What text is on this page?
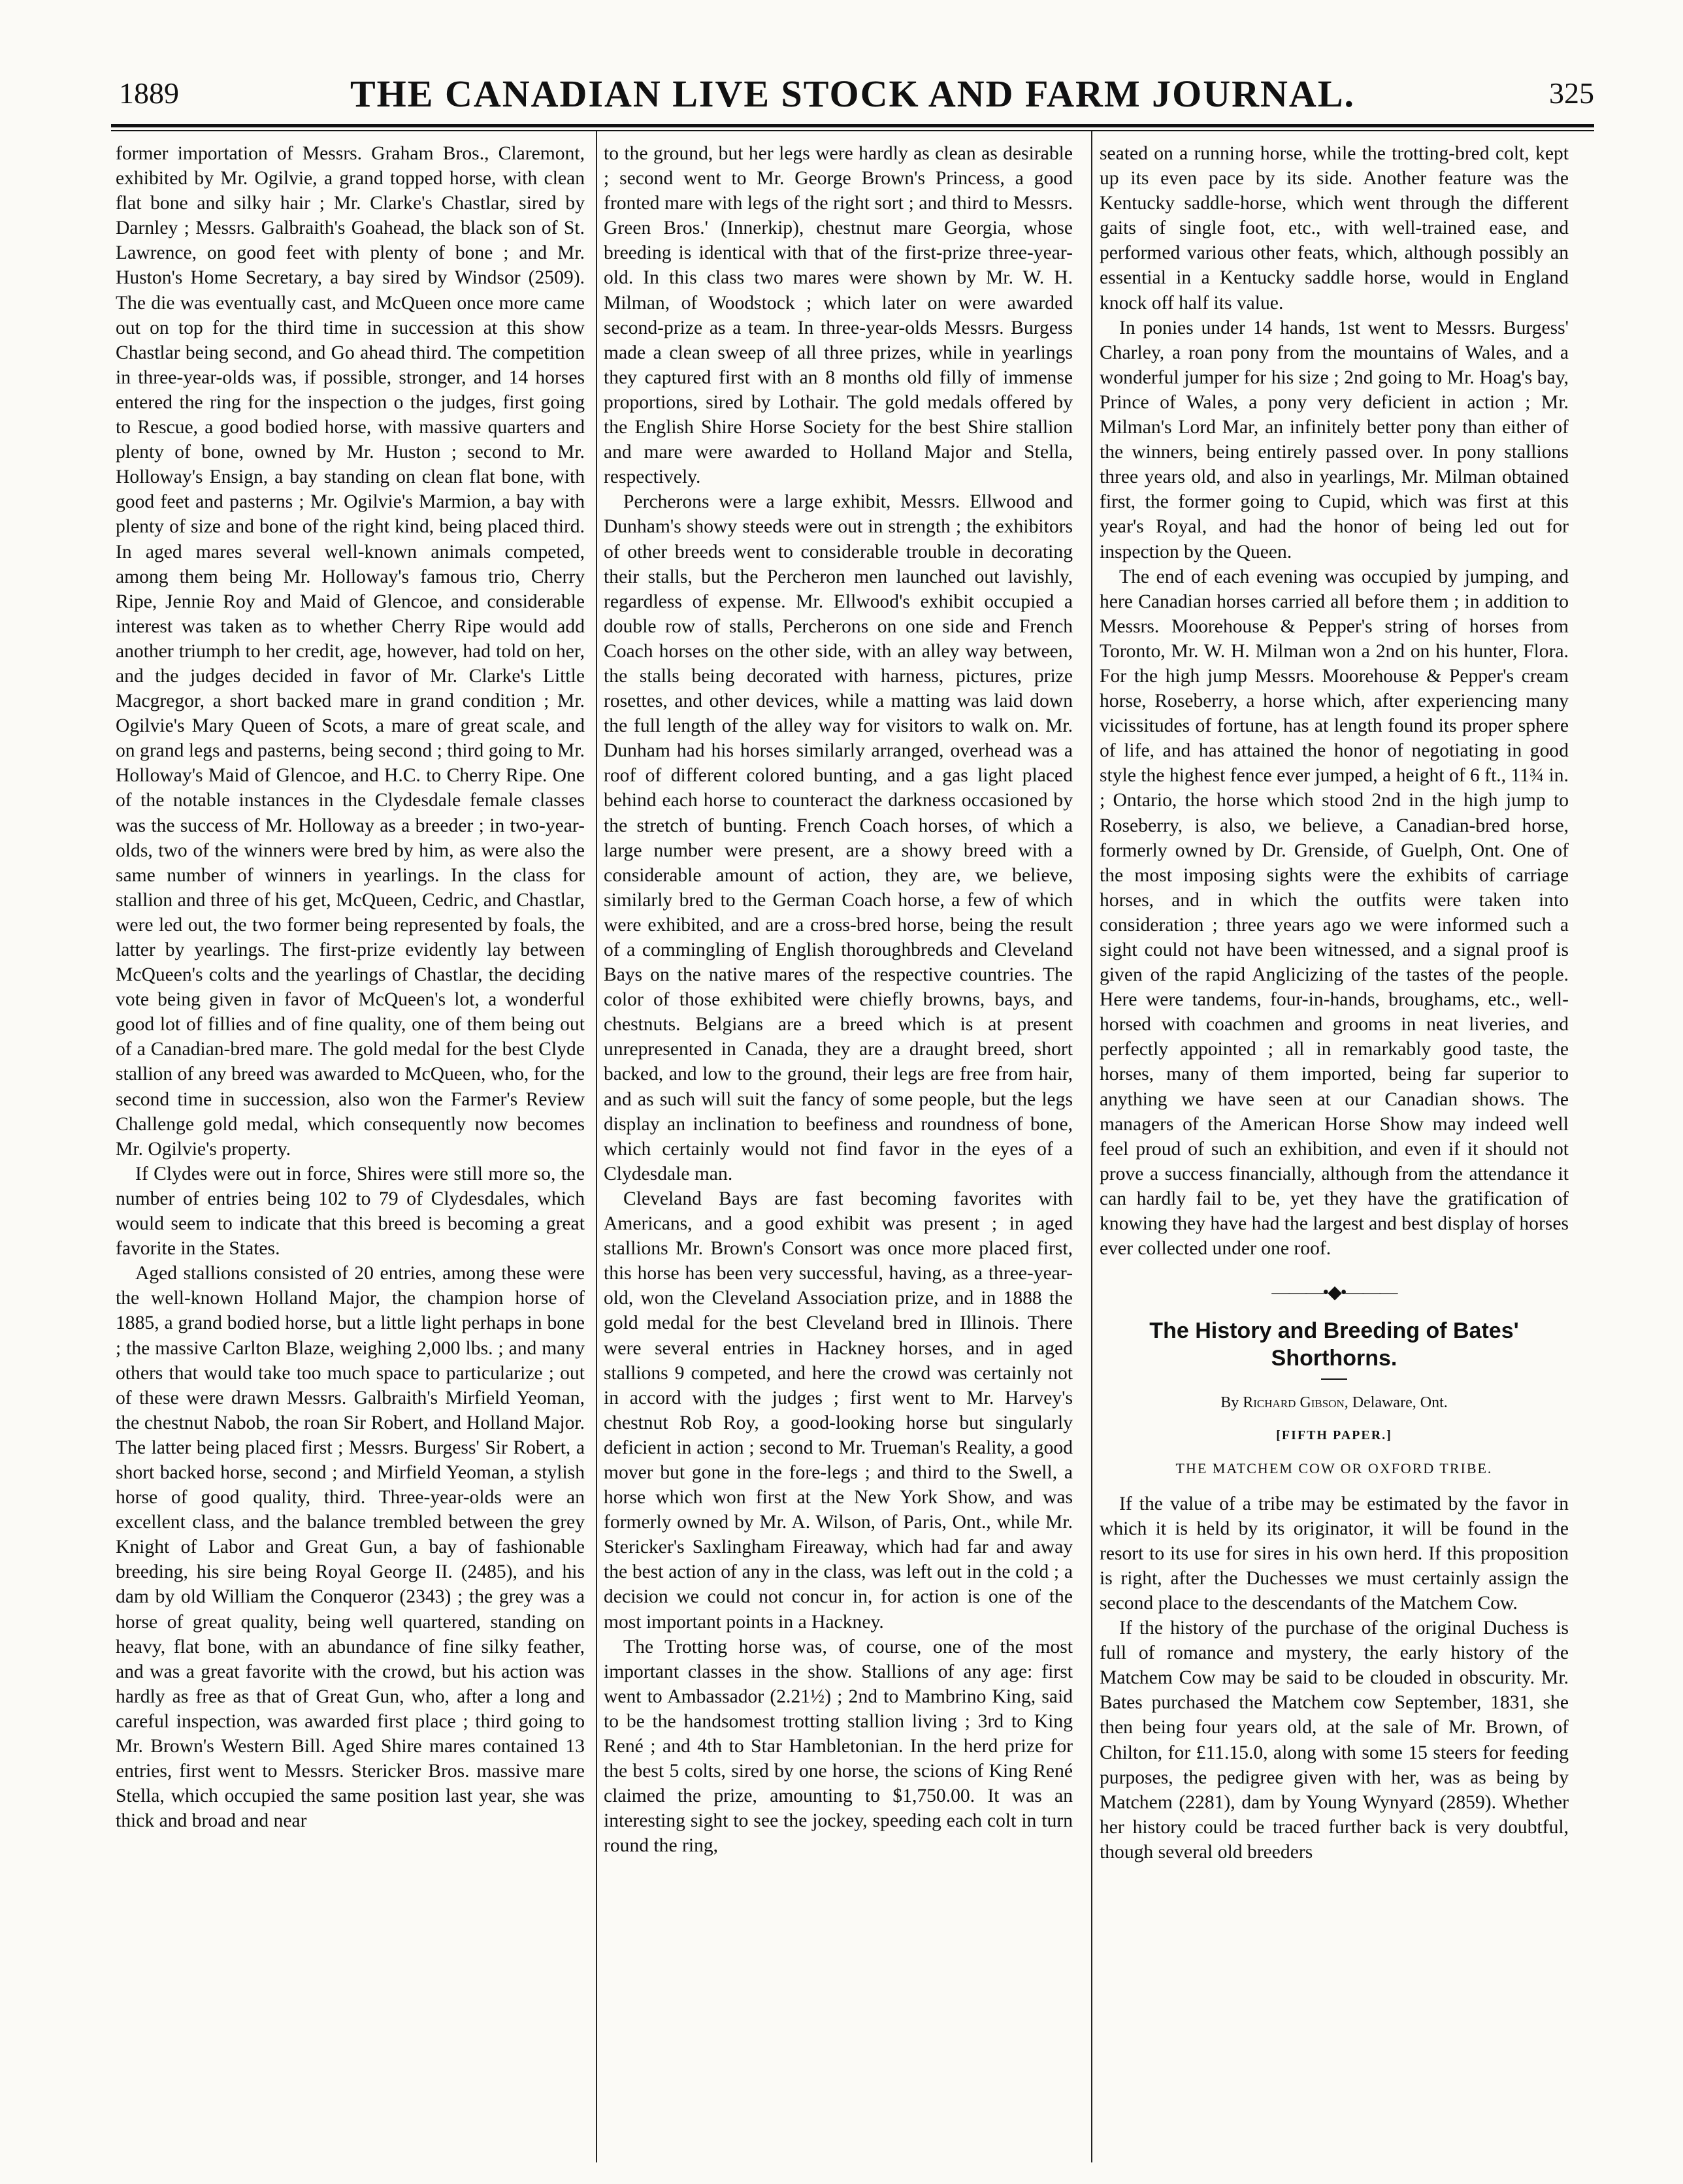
1889	THE CANADIAN LIVE STOCK AND FARM JOURNAL.	325

former importation of Messrs. Graham Bros., Claremont, exhibited by Mr. Ogilvie, a grand topped horse, with clean flat bone and silky hair ; Mr. Clarke's Chastlar, sired by Darnley ; Messrs. Galbraith's Goahead, the black son of St. Lawrence, on good feet with plenty of bone ; and Mr. Huston's Home Secretary, a bay sired by Windsor (2509). The die was eventually cast, and McQueen once more came out on top for the third time in succession at this show Chastlar being second, and Go ahead third. The competition in three-year-olds was, if possible, stronger, and 14 horses entered the ring for the inspection o the judges, first going to Rescue, a good bodied horse, with massive quarters and plenty of bone, owned by Mr. Huston ; second to Mr. Holloway's Ensign, a bay standing on clean flat bone, with good feet and pasterns ; Mr. Ogilvie's Marmion, a bay with plenty of size and bone of the right kind, being placed third. In aged mares several well-known animals competed, among them being Mr. Holloway's famous trio, Cherry Ripe, Jennie Roy and Maid of Glencoe, and considerable interest was taken as to whether Cherry Ripe would add another triumph to her credit, age, however, had told on her, and the judges decided in favor of Mr. Clarke's Little Macgregor, a short backed mare in grand condition ; Mr. Ogilvie's Mary Queen of Scots, a mare of great scale, and on grand legs and pasterns, being second ; third going to Mr. Holloway's Maid of Glencoe, and H.C. to Cherry Ripe. One of the notable instances in the Clydesdale female classes was the success of Mr. Holloway as a breeder ; in two-year-olds, two of the winners were bred by him, as were also the same number of winners in yearlings. In the class for stallion and three of his get, McQueen, Cedric, and Chastlar, were led out, the two former being represented by foals, the latter by yearlings. The first-prize evidently lay between McQueen's colts and the yearlings of Chastlar, the deciding vote being given in favor of McQueen's lot, a wonderful good lot of fillies and of fine quality, one of them being out of a Canadian-bred mare. The gold medal for the best Clyde stallion of any breed was awarded to McQueen, who, for the second time in succession, also won the Farmer's Review Challenge gold medal, which consequently now becomes Mr. Ogilvie's property.

If Clydes were out in force, Shires were still more so, the number of entries being 102 to 79 of Clydesdales, which would seem to indicate that this breed is becoming a great favorite in the States.

Aged stallions consisted of 20 entries, among these were the well-known Holland Major, the champion horse of 1885, a grand bodied horse, but a little light perhaps in bone ; the massive Carlton Blaze, weighing 2,000 lbs. ; and many others that would take too much space to particularize ; out of these were drawn Messrs. Galbraith's Mirfield Yeoman, the chestnut Nabob, the roan Sir Robert, and Holland Major. The latter being placed first ; Messrs. Burgess' Sir Robert, a short backed horse, second ; and Mirfield Yeoman, a stylish horse of good quality, third. Three-year-olds were an excellent class, and the balance trembled between the grey Knight of Labor and Great Gun, a bay of fashionable breeding, his sire being Royal George II. (2485), and his dam by old William the Conqueror (2343) ; the grey was a horse of great quality, being well quartered, standing on heavy, flat bone, with an abundance of fine silky feather, and was a great favorite with the crowd, but his action was hardly as free as that of Great Gun, who, after a long and careful inspection, was awarded first place ; third going to Mr. Brown's Western Bill. Aged Shire mares contained 13 entries, first went to Messrs. Stericker Bros. massive mare Stella, which occupied the same position last year, she was thick and broad and near

to the ground, but her legs were hardly as clean as desirable ; second went to Mr. George Brown's Princess, a good fronted mare with legs of the right sort ; and third to Messrs. Green Bros.' (Innerkip), chestnut mare Georgia, whose breeding is identical with that of the first-prize three-year-old. In this class two mares were shown by Mr. W. H. Milman, of Woodstock ; which later on were awarded second-prize as a team. In three-year-olds Messrs. Burgess made a clean sweep of all three prizes, while in yearlings they captured first with an 8 months old filly of immense proportions, sired by Lothair. The gold medals offered by the English Shire Horse Society for the best Shire stallion and mare were awarded to Holland Major and Stella, respectively.

Percherons were a large exhibit, Messrs. Ellwood and Dunham's showy steeds were out in strength ; the exhibitors of other breeds went to considerable trouble in decorating their stalls, but the Percheron men launched out lavishly, regardless of expense. Mr. Ellwood's exhibit occupied a double row of stalls, Percherons on one side and French Coach horses on the other side, with an alley way between, the stalls being decorated with harness, pictures, prize rosettes, and other devices, while a matting was laid down the full length of the alley way for visitors to walk on. Mr. Dunham had his horses similarly arranged, overhead was a roof of different colored bunting, and a gas light placed behind each horse to counteract the darkness occasioned by the stretch of bunting. French Coach horses, of which a large number were present, are a showy breed with a considerable amount of action, they are, we believe, similarly bred to the German Coach horse, a few of which were exhibited, and are a cross-bred horse, being the result of a commingling of English thoroughbreds and Cleveland Bays on the native mares of the respective countries. The color of those exhibited were chiefly browns, bays, and chestnuts. Belgians are a breed which is at present unrepresented in Canada, they are a draught breed, short backed, and low to the ground, their legs are free from hair, and as such will suit the fancy of some people, but the legs display an inclination to beefiness and roundness of bone, which certainly would not find favor in the eyes of a Clydesdale man.

Cleveland Bays are fast becoming favorites with Americans, and a good exhibit was present ; in aged stallions Mr. Brown's Consort was once more placed first, this horse has been very successful, having, as a three-year-old, won the Cleveland Association prize, and in 1888 the gold medal for the best Cleveland bred in Illinois. There were several entries in Hackney horses, and in aged stallions 9 competed, and here the crowd was certainly not in accord with the judges ; first went to Mr. Harvey's chestnut Rob Roy, a good-looking horse but singularly deficient in action ; second to Mr. Trueman's Reality, a good mover but gone in the fore-legs ; and third to the Swell, a horse which won first at the New York Show, and was formerly owned by Mr. A. Wilson, of Paris, Ont., while Mr. Stericker's Saxlingham Fireaway, which had far and away the best action of any in the class, was left out in the cold ; a decision we could not concur in, for action is one of the most important points in a Hackney.

The Trotting horse was, of course, one of the most important classes in the show. Stallions of any age: first went to Ambassador (2.21½) ; 2nd to Mambrino King, said to be the handsomest trotting stallion living ; 3rd to King René ; and 4th to Star Hambletonian. In the herd prize for the best 5 colts, sired by one horse, the scions of King René claimed the prize, amounting to $1,750.00. It was an interesting sight to see the jockey, speeding each colt in turn round the ring,

seated on a running horse, while the trotting-bred colt, kept up its even pace by its side. Another feature was the Kentucky saddle-horse, which went through the different gaits of single foot, etc., with well-trained ease, and performed various other feats, which, although possibly an essential in a Kentucky saddle horse, would in England knock off half its value.

In ponies under 14 hands, 1st went to Messrs. Burgess' Charley, a roan pony from the mountains of Wales, and a wonderful jumper for his size ; 2nd going to Mr. Hoag's bay, Prince of Wales, a pony very deficient in action ; Mr. Milman's Lord Mar, an infinitely better pony than either of the winners, being entirely passed over. In pony stallions three years old, and also in yearlings, Mr. Milman obtained first, the former going to Cupid, which was first at this year's Royal, and had the honor of being led out for inspection by the Queen.

The end of each evening was occupied by jumping, and here Canadian horses carried all before them ; in addition to Messrs. Moorehouse & Pepper's string of horses from Toronto, Mr. W. H. Milman won a 2nd on his hunter, Flora. For the high jump Messrs. Moorehouse & Pepper's cream horse, Roseberry, a horse which, after experiencing many vicissitudes of fortune, has at length found its proper sphere of life, and has attained the honor of negotiating in good style the highest fence ever jumped, a height of 6 ft., 11¾ in. ; Ontario, the horse which stood 2nd in the high jump to Roseberry, is also, we believe, a Canadian-bred horse, formerly owned by Dr. Grenside, of Guelph, Ont. One of the most imposing sights were the exhibits of carriage horses, and in which the outfits were taken into consideration ; three years ago we were informed such a sight could not have been witnessed, and a signal proof is given of the rapid Anglicizing of the tastes of the people. Here were tandems, four-in-hands, broughams, etc., well-horsed with coachmen and grooms in neat liveries, and perfectly appointed ; all in remarkably good taste, the horses, many of them imported, being far superior to anything we have seen at our Canadian shows. The managers of the American Horse Show may indeed well feel proud of such an exhibition, and even if it should not prove a success financially, although from the attendance it can hardly fail to be, yet they have the gratification of knowing they have had the largest and best display of horses ever collected under one roof.

———•◆•———
The History and Breeding of Bates'
Shorthorns.
By Richard Gibson, Delaware, Ont.
[FIFTH PAPER.]
THE MATCHEM COW OR OXFORD TRIBE.

If the value of a tribe may be estimated by the favor in which it is held by its originator, it will be found in the resort to its use for sires in his own herd. If this proposition is right, after the Duchesses we must certainly assign the second place to the descendants of the Matchem Cow.

If the history of the purchase of the original Duchess is full of romance and mystery, the early history of the Matchem Cow may be said to be clouded in obscurity. Mr. Bates purchased the Matchem cow September, 1831, she then being four years old, at the sale of Mr. Brown, of Chilton, for £11.15.0, along with some 15 steers for feeding purposes, the pedigree given with her, was as being by Matchem (2281), dam by Young Wynyard (2859). Whether her history could be traced further back is very doubtful, though several old breeders
